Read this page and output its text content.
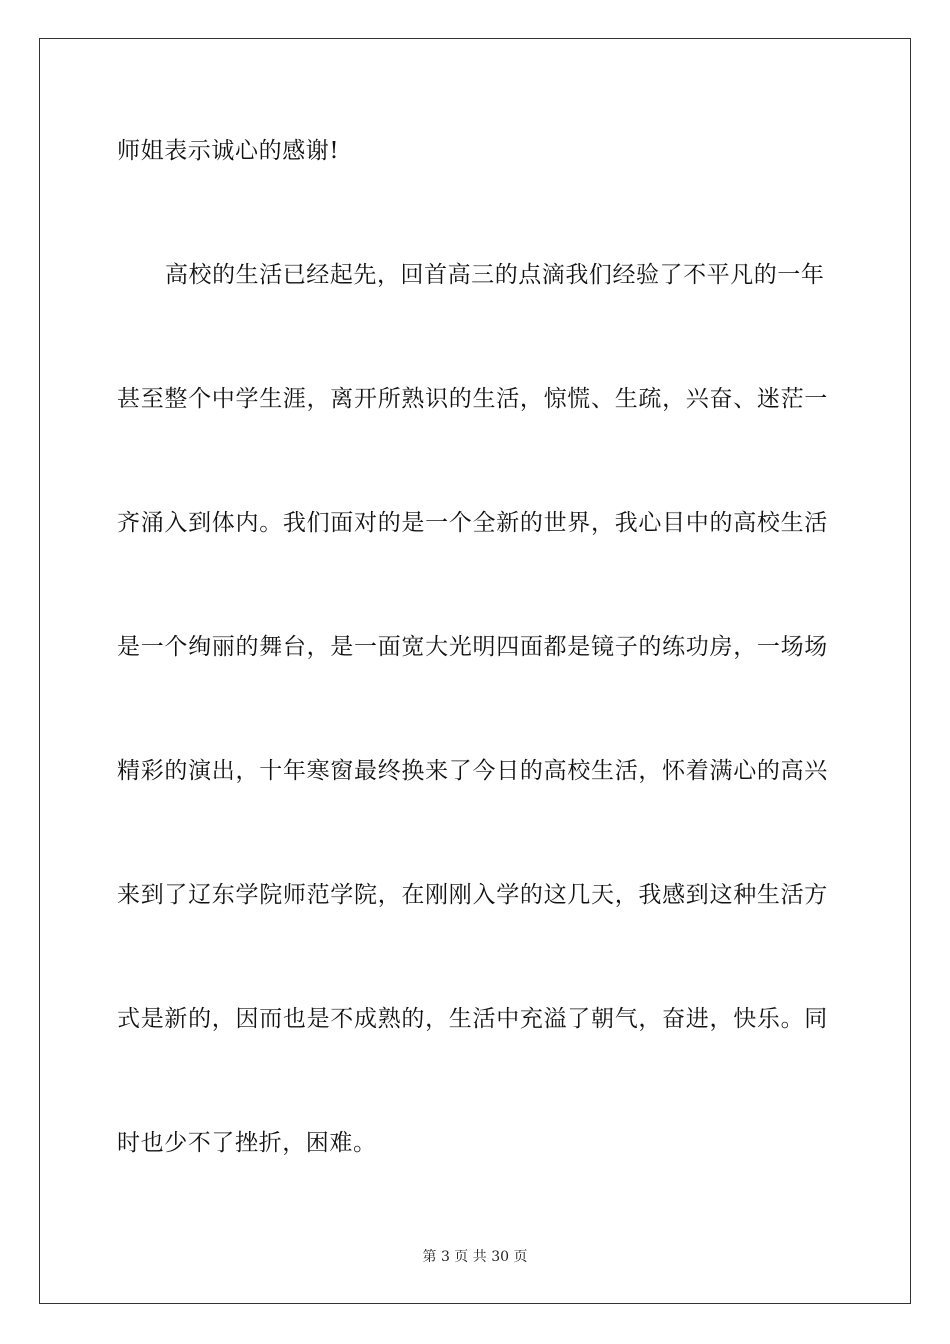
师姐表示诚心的感谢!
高校的生活已经起先，回首高三的点滴我们经验了不平凡的一年
甚至整个中学生涯，离开所熟识的生活，惊慌、生疏，兴奋、迷茫一
齐涌入到体内。我们面对的是一个全新的世界，我心目中的高校生活
是一个绚丽的舞台，是一面宽大光明四面都是镜子的练功房，一场场
精彩的演出，十年寒窗最终换来了今日的高校生活，怀着满心的高兴
来到了辽东学院师范学院，在刚刚入学的这几天，我感到这种生活方
式是新的，因而也是不成熟的，生活中充溢了朝气，奋进，快乐。同
时也少不了挫折，困难。
第 3 页 共 30 页
